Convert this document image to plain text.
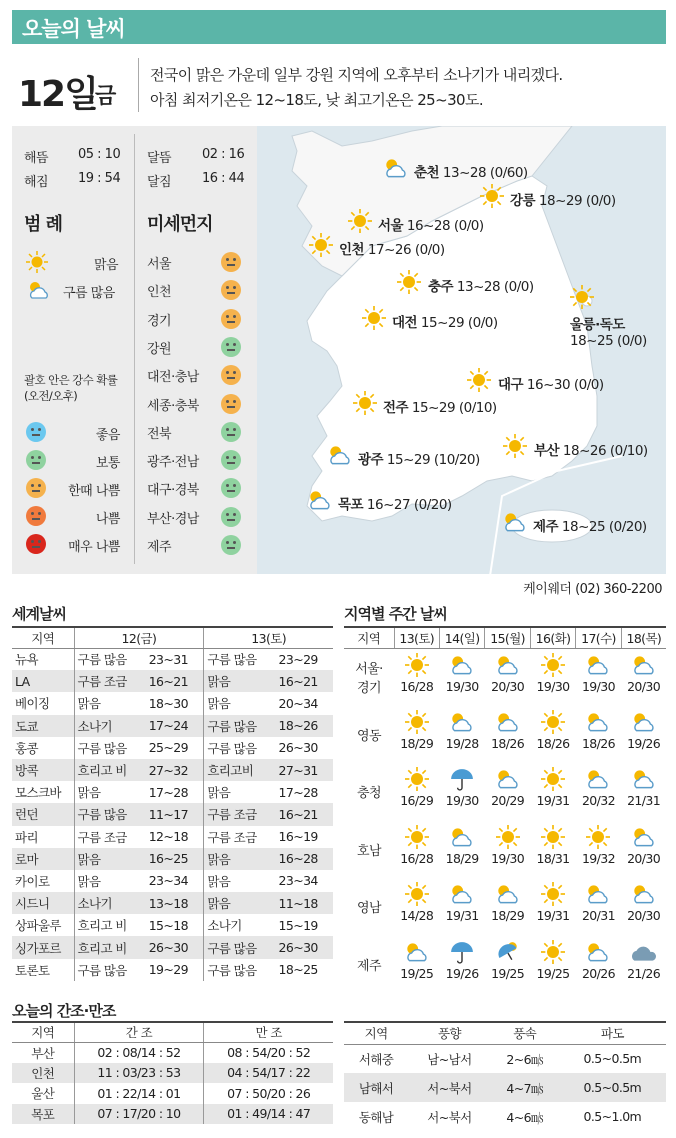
오늘의 날씨
12일
금
전국이 맑은 가운데 일부 강원 지역에 오후부터 소나기가 내리겠다.
아침 최저기온은 12~18도, 낮 최고기온은 25~30도.
해뜸 05 : 10
해짐 19 : 54
달뜸 02 : 16
달짐 16 : 44
범 례	미세먼지
맑음
구름 많음
괄호 안은 강수 확률
(오전/오후)
좋음
보통
한때 나쁨
나쁨
매우 나쁨
서울
인천
경기
강원
대전·충남
세종·충북
전북
광주·전남
대구·경북
부산·경남
제주
춘천 13~28 (0/60)
강릉 18~29 (0/0)
서울 16~28 (0/0)
인천 17~26 (0/0)
충주 13~28 (0/0)
대전 15~29 (0/0)	울릉·독도
18~25 (0/0)
대구 16~30 (0/0)
전주 15~29 (0/10)
부산 18~26 (0/10)
광주 15~29 (10/20)
목포 16~27 (0/20)
제주 18~25 (0/20)
케이웨더 (02) 360-2200
세계날씨
지역	12(금)		13(토)	
뉴욕	구름 많음	23~31	구름 많음	23~29
LA	구름 조금	16~21	맑음	16~21
베이징	맑음	18~30	맑음	20~34
도쿄	소나기	17~24	구름 많음	18~26
홍콩	구름 많음	25~29	구름 많음	26~30
방콕	흐리고 비	27~32	흐리고비	27~31
모스크바	맑음	17~28	맑음	17~28
런던	구름 많음	11~17	구름 조금	16~21
파리	구름 조금	12~18	구름 조금	16~19
로마	맑음	16~25	맑음	16~28
카이로	맑음	23~34	맑음	23~34
시드니	소나기	13~18	맑음	11~18
상파울루	흐리고 비	15~18	소나기	15~19
싱가포르	흐리고 비	26~30	구름 많음	26~30
토론토	구름 많음	19~29	구름 많음	18~25
지역별 주간 날씨
지역	13(토)	14(일)	15(월)	16(화)	17(수)	18(목)

서울·
경기	16/28	19/30	20/30	19/30	19/30	20/30

영동	18/29	19/28	18/26	18/26	18/26	19/26

충청	16/29	19/30	20/29	19/31	20/32	21/31

호남	16/28	18/29	19/30	18/31	19/32	20/30

영남	14/28	19/31	18/29	19/31	20/31	20/30

제주	19/25	19/26	19/25	19/25	20/26	21/26
오늘의 간조·만조
지역	간 조	만 조
부산	02 : 08/14 : 52	08 : 54/20 : 52
인천	11 : 03/23 : 53	04 : 54/17 : 22
울산	01 : 22/14 : 01	07 : 50/20 : 26
목포	07 : 17/20 : 10	01 : 49/14 : 47
지역	풍향	풍속	파도
서해중	남~남서	2~6㎧	0.5~0.5m
남해서	서~북서	4~7㎧	0.5~0.5m
동해남	서~북서	4~6㎧	0.5~1.0m
